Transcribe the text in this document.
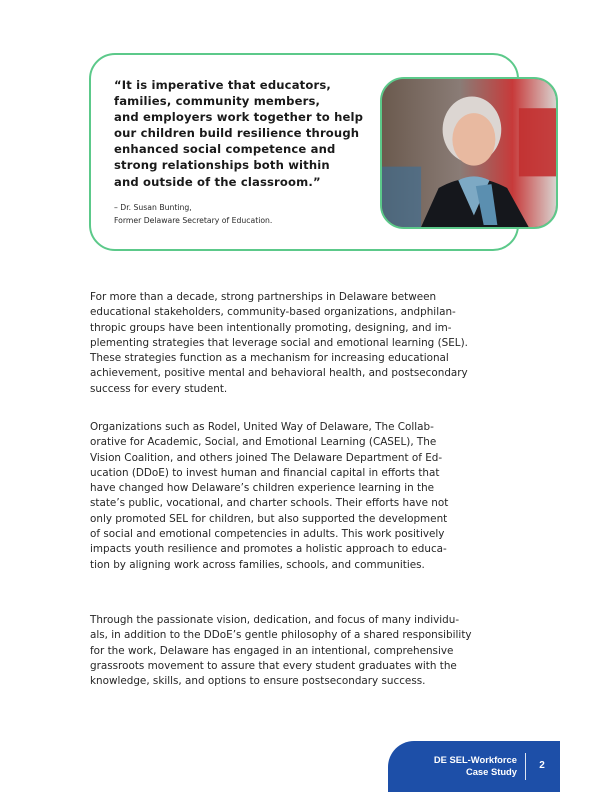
“It is imperative that educators,
families, community members,
and employers work together to help
our children build resilience through
enhanced social competence and
strong relationships both within
and outside of the classroom.”

– Dr. Susan Bunting,
Former Delaware Secretary of Education.

For more than a decade, strong partnerships in Delaware between
educational stakeholders, community-based organizations, andphilan-
thropic groups have been intentionally promoting, designing, and im-
plementing strategies that leverage social and emotional learning (SEL).
These strategies function as a mechanism for increasing educational
achievement, positive mental and behavioral health, and postsecondary
success for every student.

Organizations such as Rodel, United Way of Delaware, The Collab-
orative for Academic, Social, and Emotional Learning (CASEL), The
Vision Coalition, and others joined The Delaware Department of Ed-
ucation (DDoE) to invest human and financial capital in efforts that
have changed how Delaware’s children experience learning in the
state’s public, vocational, and charter schools. Their efforts have not
only promoted SEL for children, but also supported the development
of social and emotional competencies in adults. This work positively
impacts youth resilience and promotes a holistic approach to educa-
tion by aligning work across families, schools, and communities.

Through the passionate vision, dedication, and focus of many individu-
als, in addition to the DDoE’s gentle philosophy of a shared responsibility
for the work, Delaware has engaged in an intentional, comprehensive
grassroots movement to assure that every student graduates with the
knowledge, skills, and options to ensure postsecondary success.

DE SEL-Workforce
Case Study
2
